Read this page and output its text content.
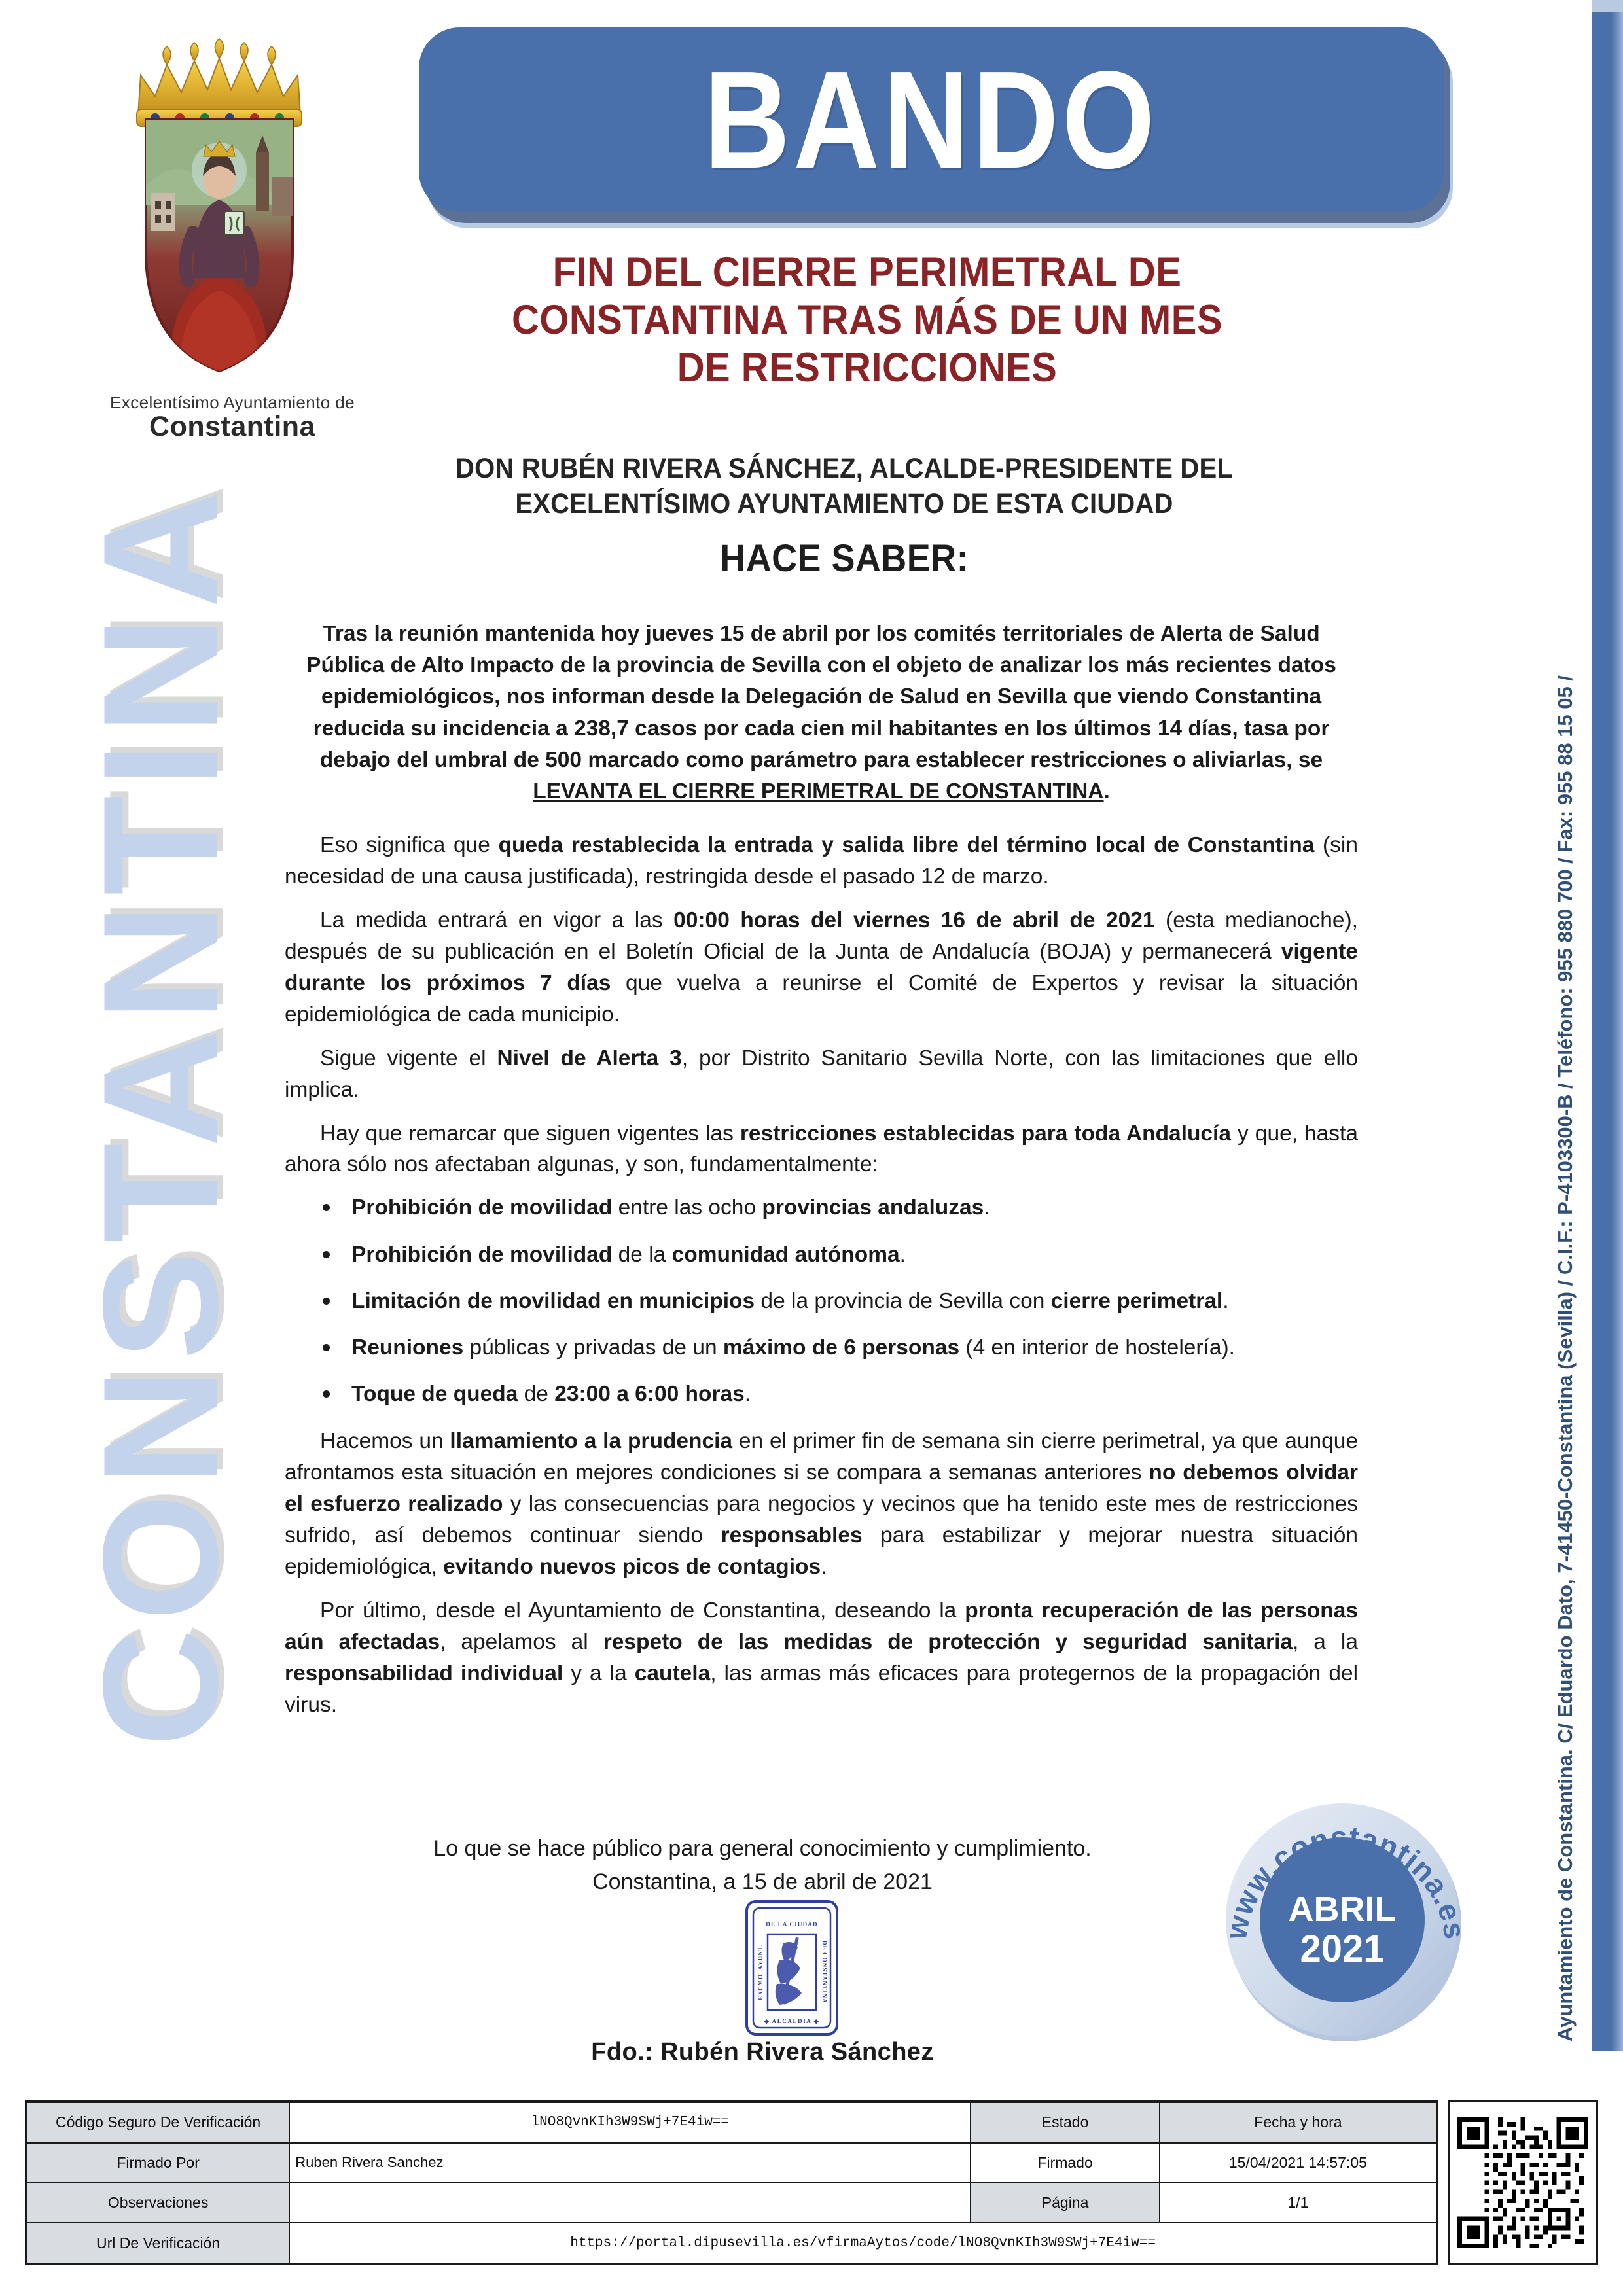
CONSTANTINA	Ayuntamiento de Constantina. C/ Eduardo Dato, 7-41450-Constantina (Sevilla) / C.I.F.: P-4103300-B / Teléfono: 955 880 700 / Fax: 955 88 15 05 /
Excelentísimo Ayuntamiento de
Constantina
BANDO
FIN DEL CIERRE PERIMETRAL DE
CONSTANTINA TRAS MÁS DE UN MES
DE RESTRICCIONES
DON RUBÉN RIVERA SÁNCHEZ, ALCALDE-PRESIDENTE DEL
EXCELENTÍSIMO AYUNTAMIENTO DE ESTA CIUDAD
HACE SABER:

Tras la reunión mantenida hoy jueves 15 de abril por los comités territoriales de Alerta de Salud Pública de Alto Impacto de la provincia de Sevilla con el objeto de analizar los más recientes datos epidemiológicos, nos informan desde la Delegación de Salud en Sevilla que viendo Constantina reducida su incidencia a 238,7 casos por cada cien mil habitantes en los últimos 14 días, tasa por debajo del umbral de 500 marcado como parámetro para establecer restricciones o aliviarlas, se LEVANTA EL CIERRE PERIMETRAL DE CONSTANTINA.

Eso significa que queda restablecida la entrada y salida libre del término local de Constantina (sin necesidad de una causa justificada), restringida desde el pasado 12 de marzo.

La medida entrará en vigor a las 00:00 horas del viernes 16 de abril de 2021 (esta medianoche), después de su publicación en el Boletín Oficial de la Junta de Andalucía (BOJA) y permanecerá vigente durante los próximos 7 días que vuelva a reunirse el Comité de Expertos y revisar la situación epidemiológica de cada municipio.

Sigue vigente el Nivel de Alerta 3, por Distrito Sanitario Sevilla Norte, con las limitaciones que ello implica.

Hay que remarcar que siguen vigentes las restricciones establecidas para toda Andalucía y que, hasta ahora sólo nos afectaban algunas, y son, fundamentalmente:

Prohibición de movilidad entre las ocho provincias andaluzas.
Prohibición de movilidad de la comunidad autónoma.
Limitación de movilidad en municipios de la provincia de Sevilla con cierre perimetral.
Reuniones públicas y privadas de un máximo de 6 personas (4 en interior de hostelería).
Toque de queda de 23:00 a 6:00 horas.

Hacemos un llamamiento a la prudencia en el primer fin de semana sin cierre perimetral, ya que aunque afrontamos esta situación en mejores condiciones si se compara a semanas anteriores no debemos olvidar el esfuerzo realizado y las consecuencias para negocios y vecinos que ha tenido este mes de restricciones sufrido, así debemos continuar siendo responsables para estabilizar y mejorar nuestra situación epidemiológica, evitando nuevos picos de contagios.

Por último, desde el Ayuntamiento de Constantina, deseando la pronta recuperación de las personas aún afectadas, apelamos al respeto de las medidas de protección y seguridad sanitaria, a la responsabilidad individual y a la cautela, las armas más eficaces para protegernos de la propagación del virus.

Lo que se hace público para general conocimiento y cumplimiento.
Constantina, a 15 de abril de 2021
DE LA CIUDAD
◆ ALCALDIA ◆
EXCMO. AYUNT.	DE CONSTANTINA
Fdo.: Rubén Rivera Sánchez
www.constantina.es
ABRIL
2021
Código Seguro De Verificación	lNO8QvnKIh3W9SWj+7E4iw==	Estado	Fecha y hora
Firmado Por	Ruben Rivera Sanchez	Firmado	15/04/2021 14:57:05
Observaciones		Página	1/1
Url De Verificación	https://portal.dipusevilla.es/vfirmaAytos/code/lNO8QvnKIh3W9SWj+7E4iw==		
